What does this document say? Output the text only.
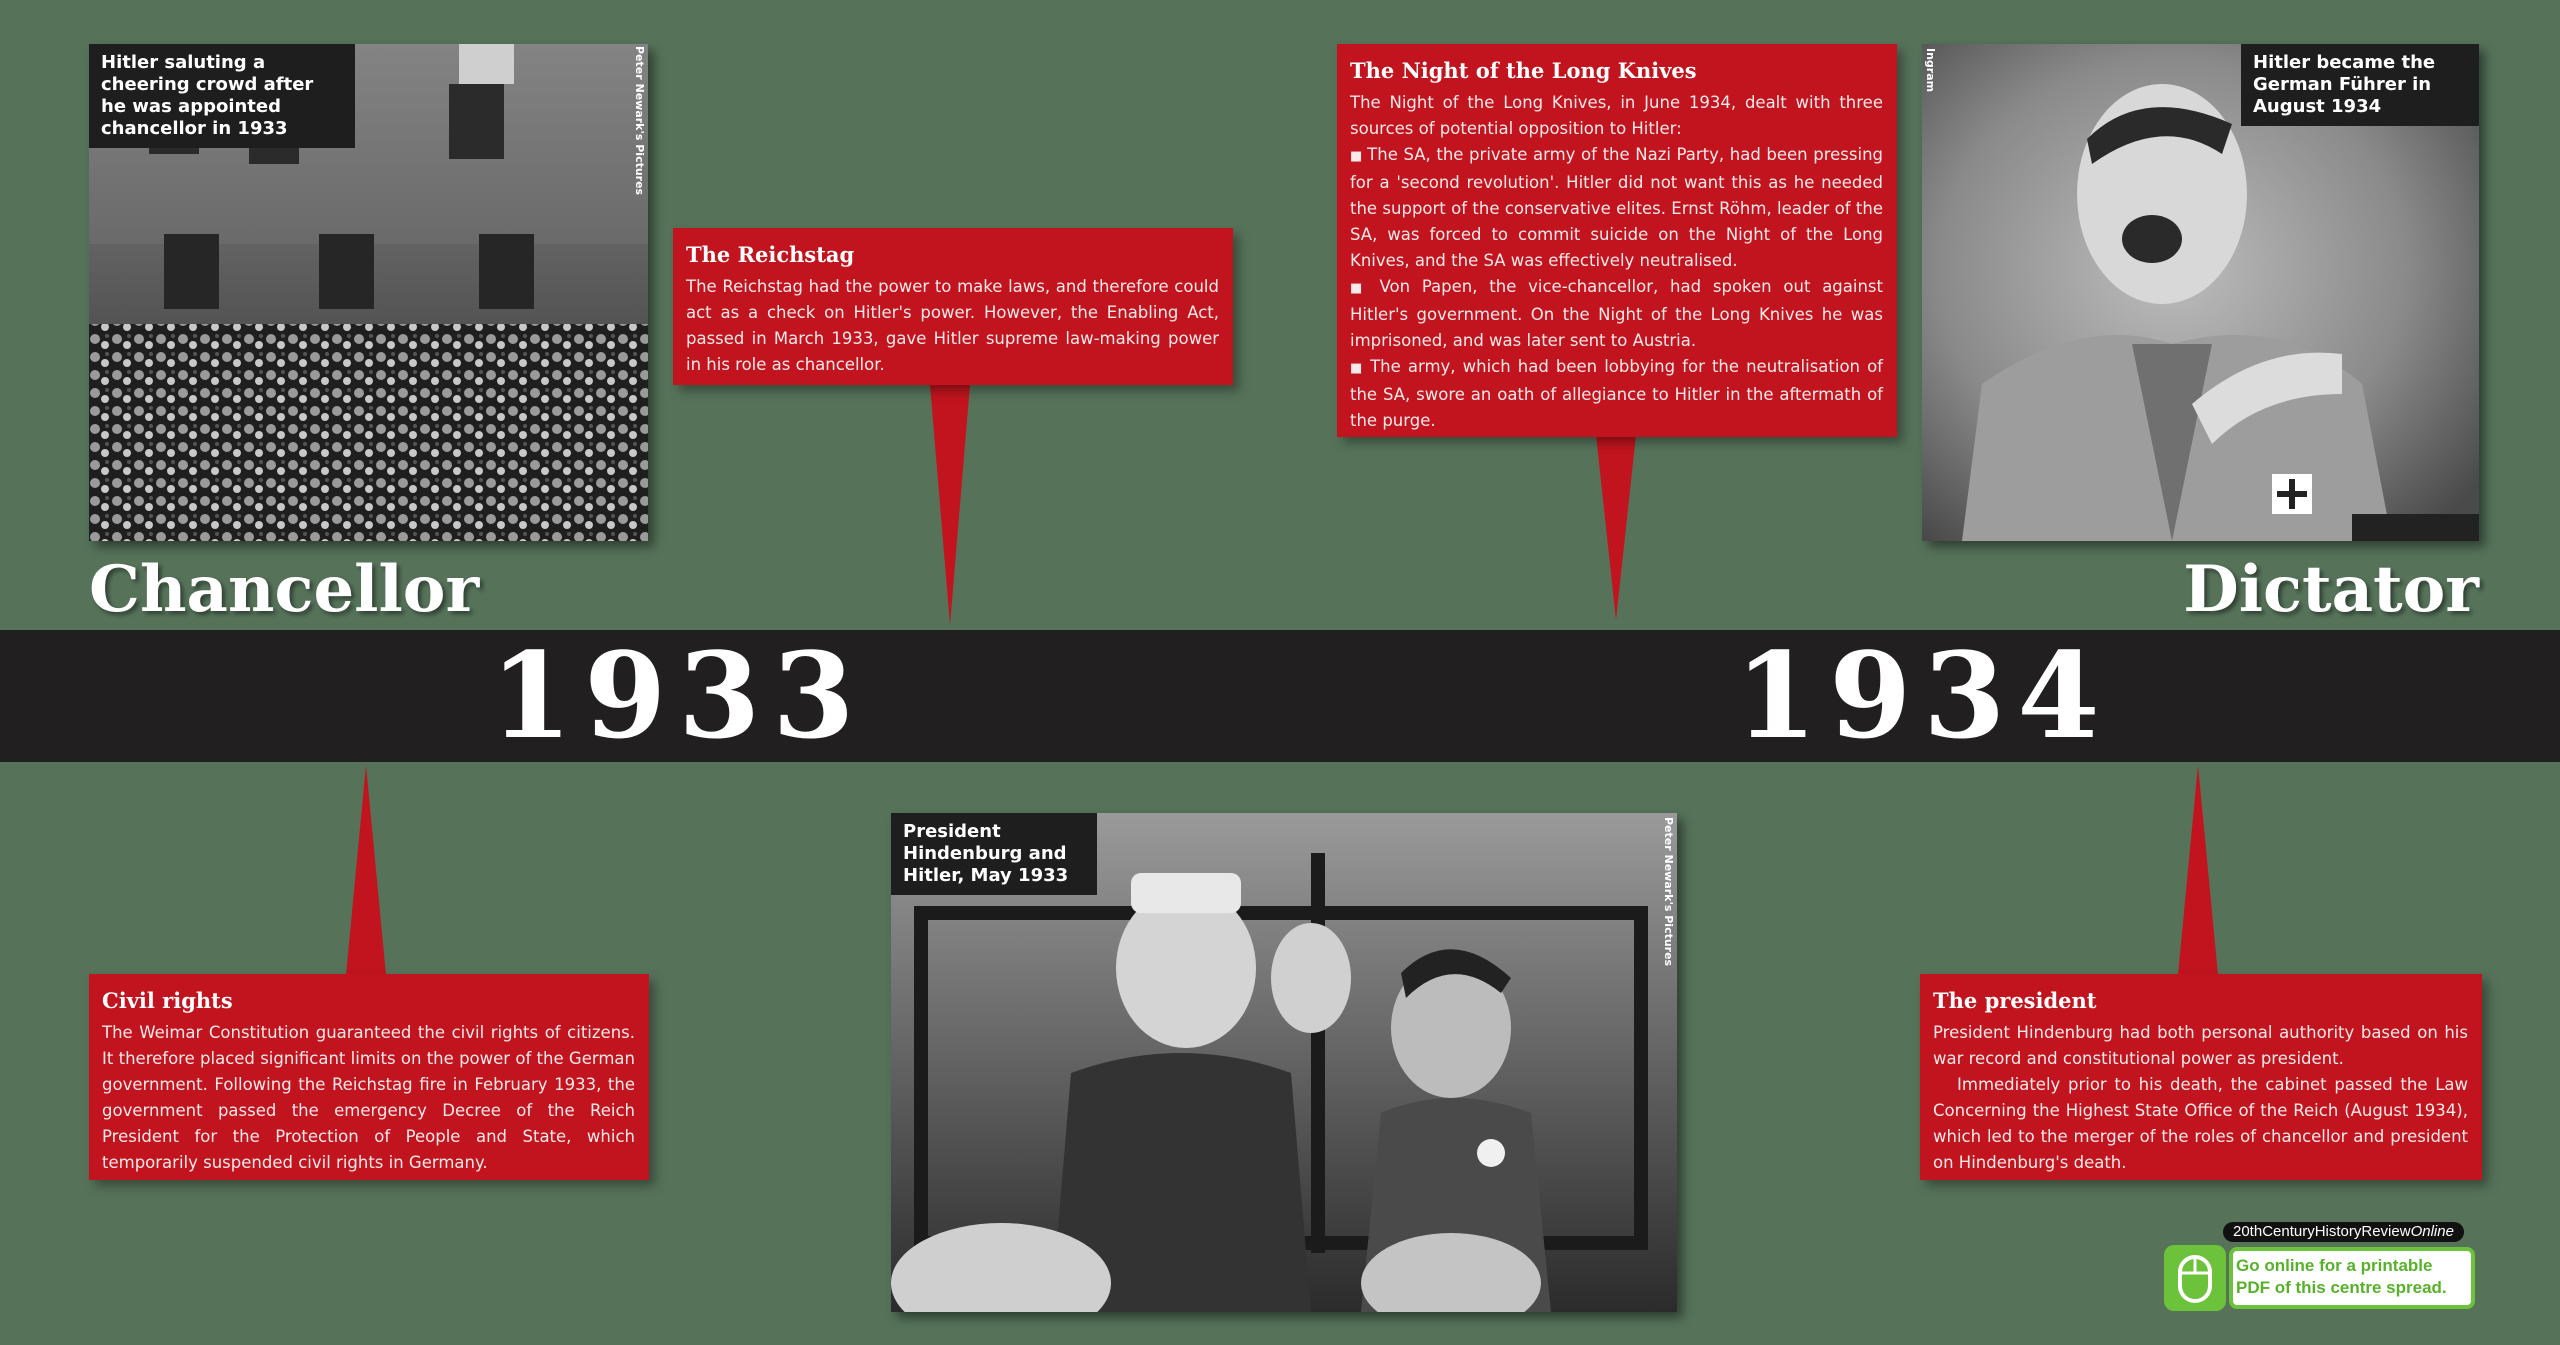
Hitler saluting a cheering crowd after he was appointed chancellor in 1933	Peter Newark's Pictures	Hitler became the German Führer in August 1934
Ingram
President Hindenburg and Hitler, May 1933	Peter Newark's Pictures
The Reichstag

The Reichstag had the power to make laws, and therefore could act as a check on Hitler's power. However, the Enabling Act, passed in March 1933, gave Hitler supreme law-making power in his role as chancellor.

The Night of the Long Knives

The Night of the Long Knives, in June 1934, dealt with three sources of potential opposition to Hitler:

■ The SA, the private army of the Nazi Party, had been pressing for a 'second revolution'. Hitler did not want this as he needed the support of the conservative elites. Ernst Röhm, leader of the SA, was forced to commit suicide on the Night of the Long Knives, and the SA was effectively neutralised.

■ Von Papen, the vice-chancellor, had spoken out against Hitler's government. On the Night of the Long Knives he was imprisoned, and was later sent to Austria.

■ The army, which had been lobbying for the neutralisation of the SA, swore an oath of allegiance to Hitler in the aftermath of the purge.

Civil rights

The Weimar Constitution guaranteed the civil rights of citizens. It therefore placed significant limits on the power of the German government. Following the Reichstag fire in February 1933, the government passed the emergency Decree of the Reich President for the Protection of People and State, which temporarily suspended civil rights in Germany.

The president

President Hindenburg had both personal authority based on his war record and constitutional power as president.

Immediately prior to his death, the cabinet passed the Law Concerning the Highest State Office of the Reich (August 1934), which led to the merger of the roles of chancellor and president on Hindenburg's death.

Chancellor	Dictator
1933	1934
20thCenturyHistoryReviewOnline
Go online for a printable
PDF of this centre spread.
